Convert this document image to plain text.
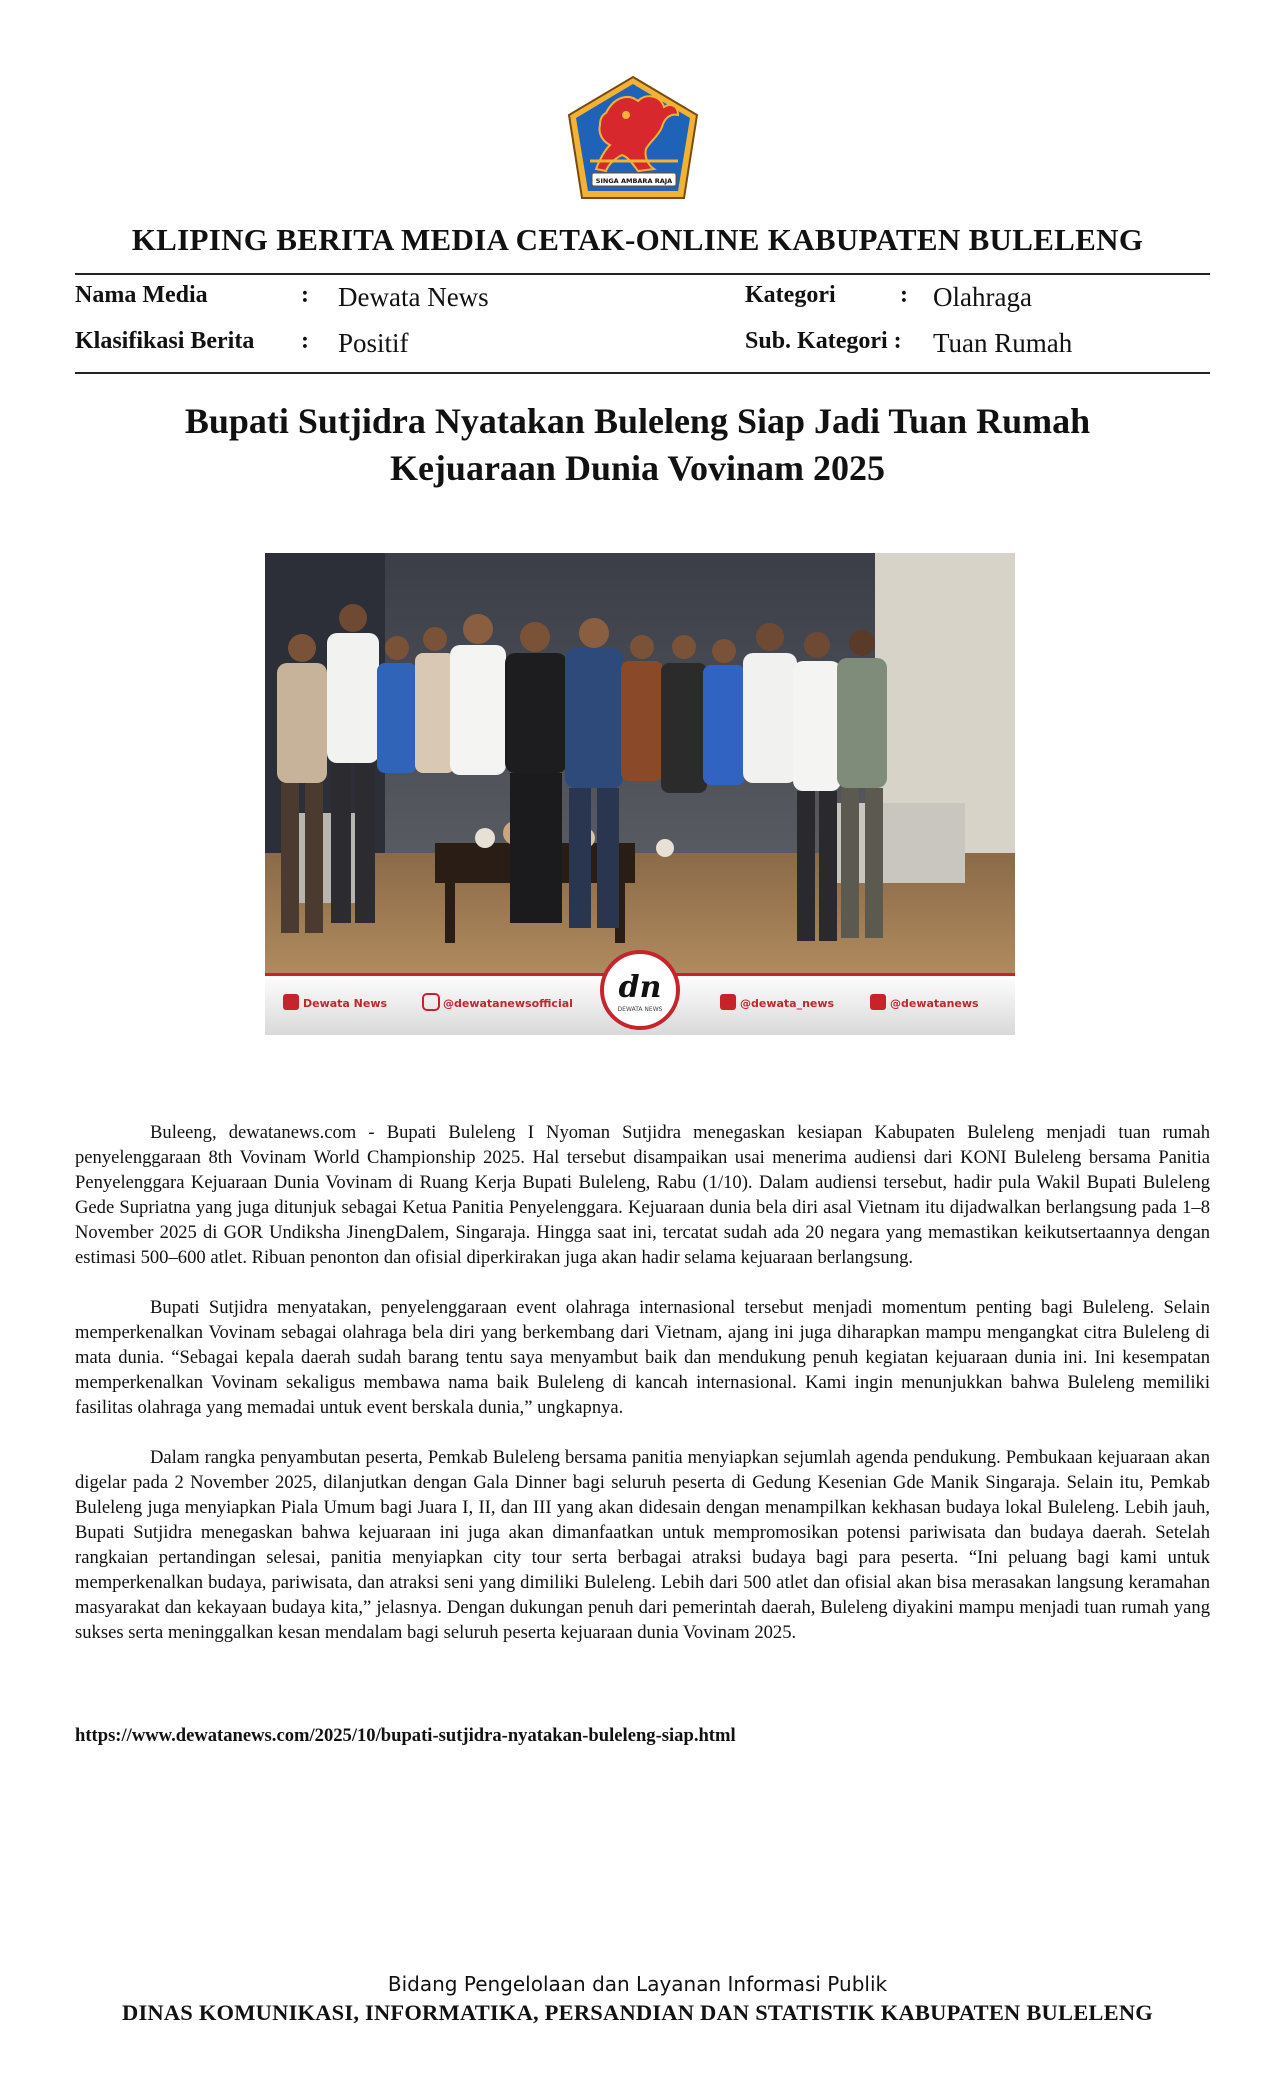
SINGA AMBARA RAJA
KLIPING BERITA MEDIA CETAK-ONLINE KABUPATEN BULELENG
Nama Media	: Dewata News	Kategori	: Olahraga
Klasifikasi Berita : Positif	Sub. Kategori : Tuan Rumah
Bupati Sutjidra Nyatakan Buleleng Siap Jadi Tuan Rumah
Kejuaraan Dunia Vovinam 2025
Dewata News	@dewatanewsofficial dn
DEWATA NEWS	@dewata_news	@dewatanews

Buleeng, dewatanews.com - Bupati Buleleng I Nyoman Sutjidra menegaskan kesiapan Kabupaten Buleleng menjadi tuan rumah penyelenggaraan 8th Vovinam World Championship 2025. Hal tersebut disampaikan usai menerima audiensi dari KONI Buleleng bersama Panitia Penyelenggara Kejuaraan Dunia Vovinam di Ruang Kerja Bupati Buleleng, Rabu (1/10). Dalam audiensi tersebut, hadir pula Wakil Bupati Buleleng Gede Supriatna yang juga ditunjuk sebagai Ketua Panitia Penyelenggara. Kejuaraan dunia bela diri asal Vietnam itu dijadwalkan berlangsung pada 1–8 November 2025 di GOR Undiksha JinengDalem, Singaraja. Hingga saat ini, tercatat sudah ada 20 negara yang memastikan keikutsertaannya dengan estimasi 500–600 atlet. Ribuan penonton dan ofisial diperkirakan juga akan hadir selama kejuaraan berlangsung.

Bupati Sutjidra menyatakan, penyelenggaraan event olahraga internasional tersebut menjadi momentum penting bagi Buleleng. Selain memperkenalkan Vovinam sebagai olahraga bela diri yang berkembang dari Vietnam, ajang ini juga diharapkan mampu mengangkat citra Buleleng di mata dunia. “Sebagai kepala daerah sudah barang tentu saya menyambut baik dan mendukung penuh kegiatan kejuaraan dunia ini. Ini kesempatan memperkenalkan Vovinam sekaligus membawa nama baik Buleleng di kancah internasional. Kami ingin menunjukkan bahwa Buleleng memiliki fasilitas olahraga yang memadai untuk event berskala dunia,” ungkapnya.

Dalam rangka penyambutan peserta, Pemkab Buleleng bersama panitia menyiapkan sejumlah agenda pendukung. Pembukaan kejuaraan akan digelar pada 2 November 2025, dilanjutkan dengan Gala Dinner bagi seluruh peserta di Gedung Kesenian Gde Manik Singaraja. Selain itu, Pemkab Buleleng juga menyiapkan Piala Umum bagi Juara I, II, dan III yang akan didesain dengan menampilkan kekhasan budaya lokal Buleleng. Lebih jauh, Bupati Sutjidra menegaskan bahwa kejuaraan ini juga akan dimanfaatkan untuk mempromosikan potensi pariwisata dan budaya daerah. Setelah rangkaian pertandingan selesai, panitia menyiapkan city tour serta berbagai atraksi budaya bagi para peserta. “Ini peluang bagi kami untuk memperkenalkan budaya, pariwisata, dan atraksi seni yang dimiliki Buleleng. Lebih dari 500 atlet dan ofisial akan bisa merasakan langsung keramahan masyarakat dan kekayaan budaya kita,” jelasnya. Dengan dukungan penuh dari pemerintah daerah, Buleleng diyakini mampu menjadi tuan rumah yang sukses serta meninggalkan kesan mendalam bagi seluruh peserta kejuaraan dunia Vovinam 2025.

https://www.dewatanews.com/2025/10/bupati-sutjidra-nyatakan-buleleng-siap.html
Bidang Pengelolaan dan Layanan Informasi Publik
DINAS KOMUNIKASI, INFORMATIKA, PERSANDIAN DAN STATISTIK KABUPATEN BULELENG
